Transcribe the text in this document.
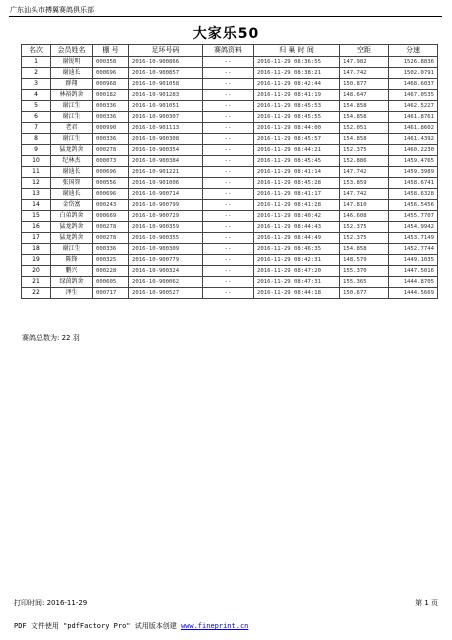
广东汕头市搏翼赛鸽俱乐部
大家乐50
名次	会员姓名	棚 号	足环号码	赛鸽资料	归 巢 时 间	空距	分速
1	谢锐明	000358	2016-10-900866	--	2016-11-29 08:36:55	147.982	1526.8836
2	谢迪长	000696	2016-10-900857	--	2016-11-29 08:38:21	147.742	1502.0791
3	群翔	000968	2016-10-901058	--	2016-11-29 08:42:44	150.877	1468.6037
4	林裕鸽舍	000182	2016-10-901283	--	2016-11-29 08:41:19	148.647	1467.0535
5	谢江生	000336	2016-10-901051	--	2016-11-29 08:45:53	154.858	1462.5227
6	谢江生	000336	2016-10-900307	--	2016-11-29 08:45:55	154.858	1461.8761
7	老君	000990	2016-10-901113	--	2016-11-29 08:44:00	152.051	1461.8602
8	谢江生	000336	2016-10-900308	--	2016-11-29 08:45:57	154.858	1461.4392
9	猛龙鸽舍	000278	2016-10-900354	--	2016-11-29 08:44:21	152.375	1460.2230
10	纪林杰	000073	2016-10-900384	--	2016-11-29 08:45:45	152.886	1459.4765
11	谢迪长	000696	2016-10-901221	--	2016-11-29 08:41:14	147.742	1459.3989
12	张国智	000556	2016-10-901006	--	2016-11-29 08:45:28	153.859	1458.6741
13	谢迪长	000696	2016-10-900714	--	2016-11-29 08:41:17	147.742	1458.6328
14	金岱富	000243	2016-10-900799	--	2016-11-29 08:41:28	147.810	1456.5456
15	白弟鸽舍	000669	2016-10-900729	--	2016-11-29 08:40:42	146.608	1455.7707
16	猛龙鸽舍	000278	2016-10-900359	--	2016-11-29 08:44:43	152.375	1454.9942
17	猛龙鸽舍	000278	2016-10-900355	--	2016-11-29 08:44:49	152.375	1453.7149
18	谢江生	000336	2016-10-900309	--	2016-11-29 08:46:35	154.858	1452.7744
19	陈锋	000325	2016-10-900779	--	2016-11-29 08:42:31	148.579	1449.1035
20	鹏兴	000228	2016-10-900324	--	2016-11-29 08:47:20	155.370	1447.5016
21	绿茵鸽舍	000605	2016-10-900062	--	2016-11-29 08:47:31	155.365	1444.8705
22	泽生	000717	2016-10-900527	--	2016-11-29 08:44:18	150.677	1444.5669
赛鸽总数为: 22 羽
打印时间: 2016-11-29	第 1 页
PDF 文件使用 "pdfFactory Pro" 试用版本创建 www.fineprint.cn
